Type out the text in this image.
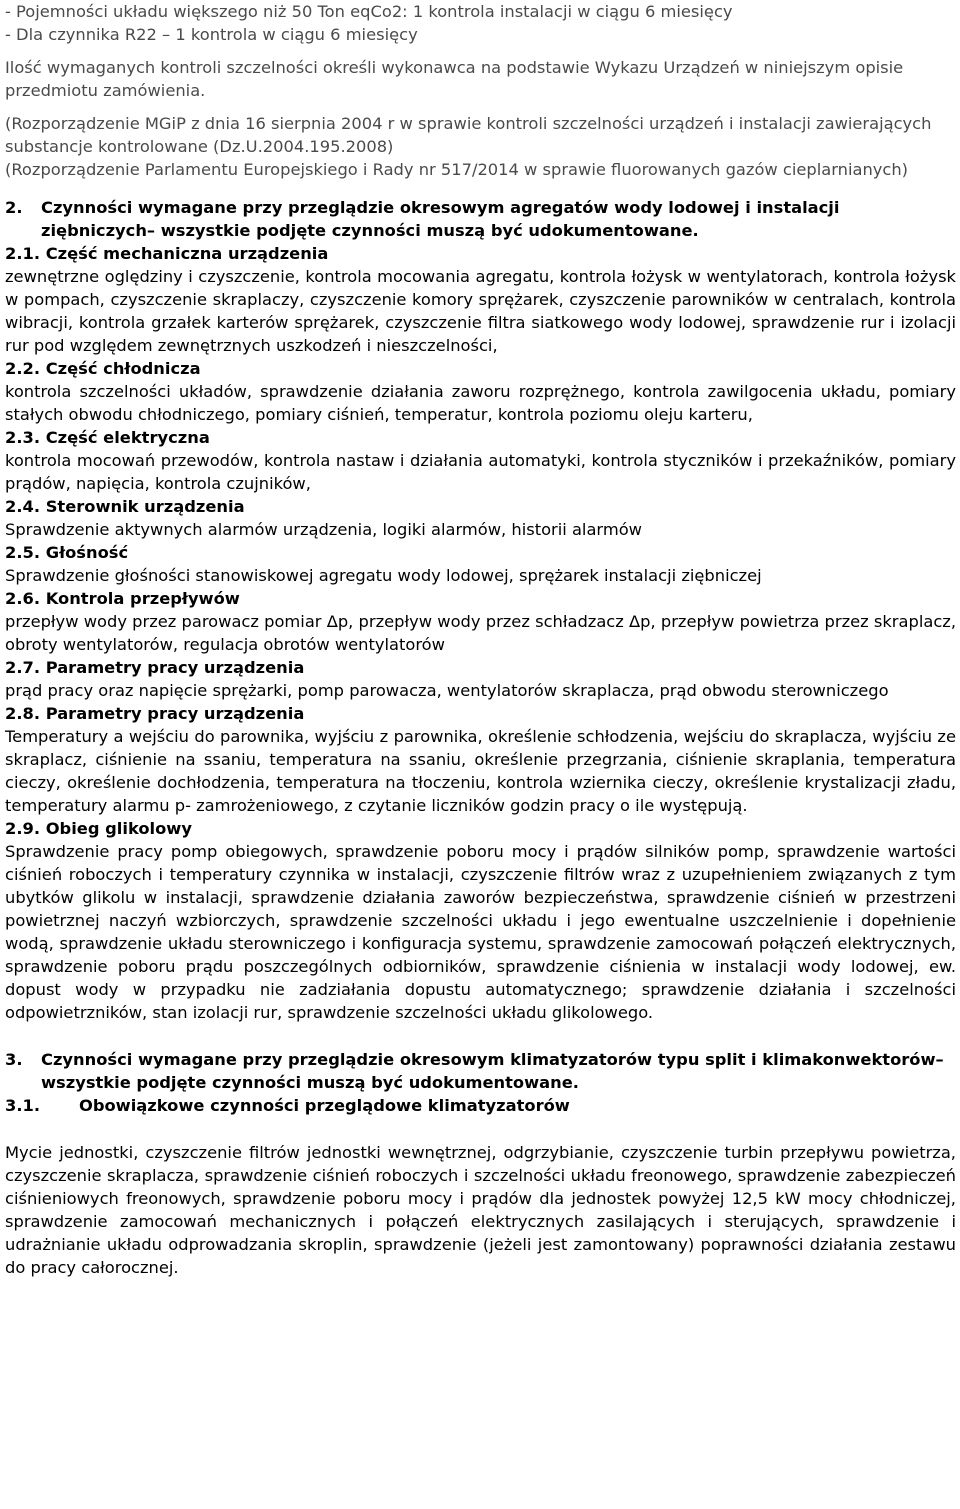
- Pojemności układu większego niż 50 Ton eqCo2: 1 kontrola instalacji w ciągu 6 miesięcy

- Dla czynnika R22 – 1 kontrola w ciągu 6 miesięcy

Ilość wymaganych kontroli szczelności określi wykonawca na podstawie Wykazu Urządzeń w niniejszym opisie przedmiotu zamówienia.

(Rozporządzenie MGiP z dnia 16 sierpnia 2004 r w sprawie kontroli szczelności urządzeń i instalacji zawierających substancje kontrolowane (Dz.U.2004.195.2008)

(Rozporządzenie Parlamentu Europejskiego i Rady nr 517/2014 w sprawie fluorowanych gazów cieplarnianych)

2.	Czynności wymagane przy przeglądzie okresowym agregatów wody lodowej i instalacji ziębniczych– wszystkie podjęte czynności muszą być udokumentowane.

2.1. Część mechaniczna urządzenia

zewnętrzne oględziny i czyszczenie, kontrola mocowania agregatu, kontrola łożysk w wentylatorach, kontrola łożysk w pompach, czyszczenie skraplaczy, czyszczenie komory sprężarek, czyszczenie parowników w centralach, kontrola wibracji, kontrola grzałek karterów sprężarek, czyszczenie filtra siatkowego wody lodowej, sprawdzenie rur i izolacji rur pod względem zewnętrznych uszkodzeń i nieszczelności,

2.2. Część chłodnicza

kontrola szczelności układów, sprawdzenie działania zaworu rozprężnego, kontrola zawilgocenia układu, pomiary stałych obwodu chłodniczego, pomiary ciśnień, temperatur, kontrola poziomu oleju karteru,

2.3. Część elektryczna

kontrola mocowań przewodów, kontrola nastaw i działania automatyki, kontrola styczników i przekaźników, pomiary prądów, napięcia, kontrola czujników,

2.4. Sterownik urządzenia

Sprawdzenie aktywnych alarmów urządzenia, logiki alarmów, historii alarmów

2.5. Głośność

Sprawdzenie głośności stanowiskowej agregatu wody lodowej, sprężarek instalacji ziębniczej

2.6. Kontrola przepływów

przepływ wody przez parowacz pomiar Δp, przepływ wody przez schładzacz Δp, przepływ powietrza przez skraplacz, obroty wentylatorów, regulacja obrotów wentylatorów

2.7. Parametry pracy urządzenia

prąd pracy oraz napięcie sprężarki, pomp parowacza, wentylatorów skraplacza, prąd obwodu sterowniczego

2.8. Parametry pracy urządzenia

Temperatury a wejściu do parownika, wyjściu z parownika, określenie schłodzenia, wejściu do skraplacza, wyjściu ze skraplacz, ciśnienie na ssaniu, temperatura na ssaniu, określenie przegrzania, ciśnienie skraplania, temperatura cieczy, określenie dochłodzenia, temperatura na tłoczeniu, kontrola wziernika cieczy, określenie krystalizacji zładu, temperatury alarmu p- zamrożeniowego, z czytanie liczników godzin pracy o ile występują.

2.9. Obieg glikolowy

Sprawdzenie pracy pomp obiegowych, sprawdzenie poboru mocy i prądów silników pomp, sprawdzenie wartości ciśnień roboczych i temperatury czynnika w instalacji, czyszczenie filtrów wraz z uzupełnieniem związanych z tym ubytków glikolu w instalacji, sprawdzenie działania zaworów bezpieczeństwa, sprawdzenie ciśnień w przestrzeni powietrznej naczyń wzbiorczych, sprawdzenie szczelności układu i jego ewentualne uszczelnienie i dopełnienie wodą, sprawdzenie układu sterowniczego i konfiguracja systemu, sprawdzenie zamocowań połączeń elektrycznych, sprawdzenie poboru prądu poszczególnych odbiorników, sprawdzenie ciśnienia w instalacji wody lodowej, ew. dopust wody w przypadku nie zadziałania dopustu automatycznego; sprawdzenie działania i szczelności odpowietrzników, stan izolacji rur, sprawdzenie szczelności układu glikolowego.

3.	Czynności wymagane przy przeglądzie okresowym klimatyzatorów typu split i klimakonwektorów– wszystkie podjęte czynności muszą być udokumentowane.
3.1.	Obowiązkowe czynności przeglądowe klimatyzatorów

Mycie jednostki, czyszczenie filtrów jednostki wewnętrznej, odgrzybianie, czyszczenie turbin przepływu powietrza, czyszczenie skraplacza, sprawdzenie ciśnień roboczych i szczelności układu freonowego, sprawdzenie zabezpieczeń ciśnieniowych freonowych, sprawdzenie poboru mocy i prądów dla jednostek powyżej 12,5 kW mocy chłodniczej, sprawdzenie zamocowań mechanicznych i połączeń elektrycznych zasilających i sterujących, sprawdzenie i udrażnianie układu odprowadzania skroplin, sprawdzenie (jeżeli jest zamontowany) poprawności działania zestawu do pracy całorocznej.
